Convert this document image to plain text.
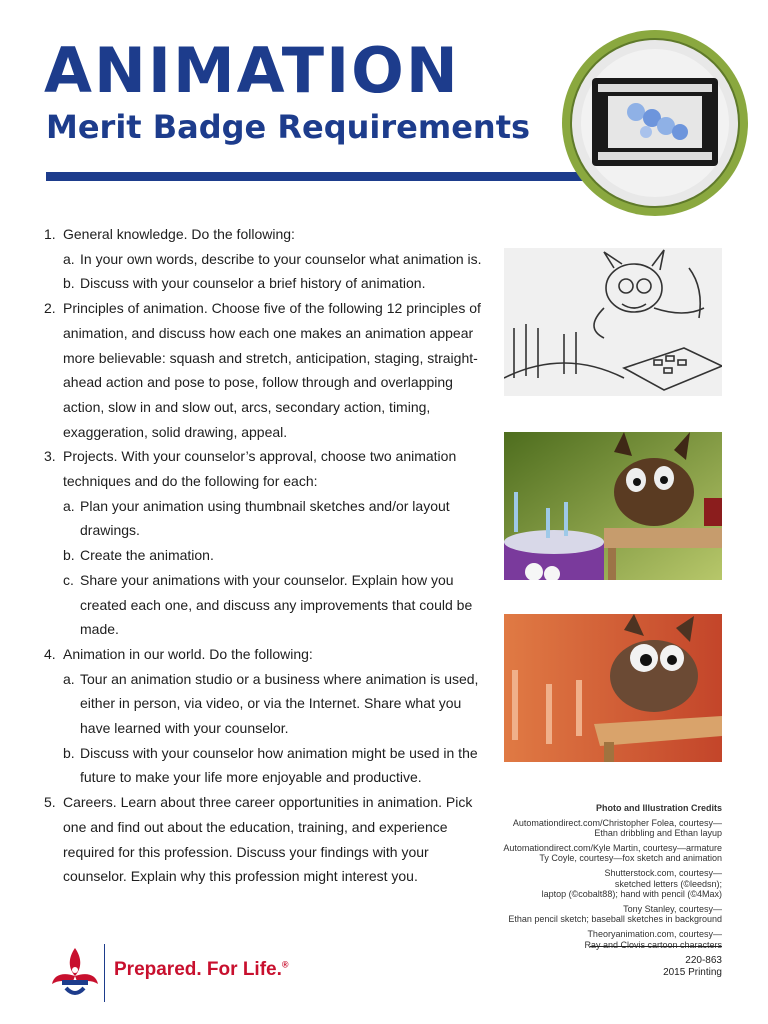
ANIMATION
Merit Badge Requirements
1. General knowledge. Do the following:
a. In your own words, describe to your counselor what animation is.
b. Discuss with your counselor a brief history of animation.
2. Principles of animation. Choose five of the following 12 principles of animation, and discuss how each one makes an animation appear more believable: squash and stretch, anticipation, staging, straight-ahead action and pose to pose, follow through and overlapping action, slow in and slow out, arcs, secondary action, timing, exaggeration, solid drawing, appeal.
3. Projects. With your counselor’s approval, choose two animation techniques and do the following for each:
a. Plan your animation using thumbnail sketches and/or layout drawings.
b. Create the animation.
c. Share your animations with your counselor. Explain how you created each one, and discuss any improvements that could be made.
4. Animation in our world. Do the following:
a. Tour an animation studio or a business where animation is used, either in person, via video, or via the Internet. Share what you have learned with your counselor.
b. Discuss with your counselor how animation might be used in the future to make your life more enjoyable and productive.
5. Careers. Learn about three career opportunities in animation. Pick one and find out about the education, training, and experience required for this profession. Discuss your findings with your counselor. Explain why this profession might interest you.
Photo and Illustration Credits
Automationdirect.com/Christopher Folea, courtesy—
Ethan dribbling and Ethan layup
Automationdirect.com/Kyle Martin, courtesy—armature
Ty Coyle, courtesy—fox sketch and animation
Shutterstock.com, courtesy—
sketched letters (©leedsn);
laptop (©cobalt88); hand with pencil (©4Max)
Tony Stanley, courtesy—
Ethan pencil sketch; baseball sketches in background
Theoryanimation.com, courtesy—
Ray and Clovis cartoon characters
220-863
2015 Printing
Prepared. For Life.®
